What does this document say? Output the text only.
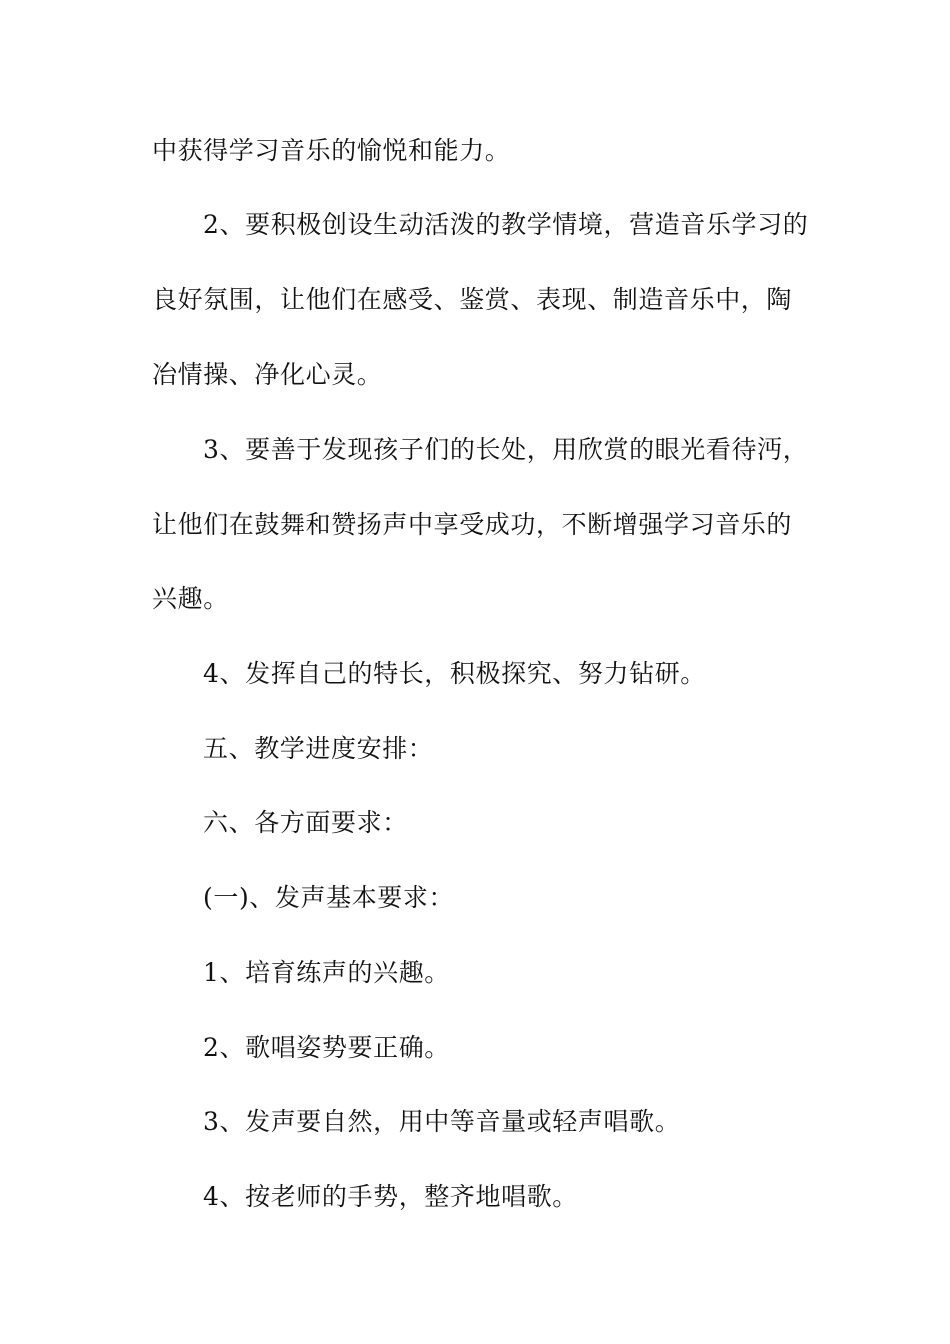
中获得学习音乐的愉悦和能力。
2、要积极创设生动活泼的教学情境，营造音乐学习的
良好氛围，让他们在感受、鉴赏、表现、制造音乐中，陶
冶情操、净化心灵。
3、要善于发现孩子们的长处，用欣赏的眼光看待沔，
让他们在鼓舞和赞扬声中享受成功，不断增强学习音乐的
兴趣。
4、发挥自己的特长，积极探究、努力钻研。
五、教学进度安排：
六、各方面要求：
(一)、发声基本要求：
1、培育练声的兴趣。
2、歌唱姿势要正确。
3、发声要自然，用中等音量或轻声唱歌。
4、按老师的手势，整齐地唱歌。
